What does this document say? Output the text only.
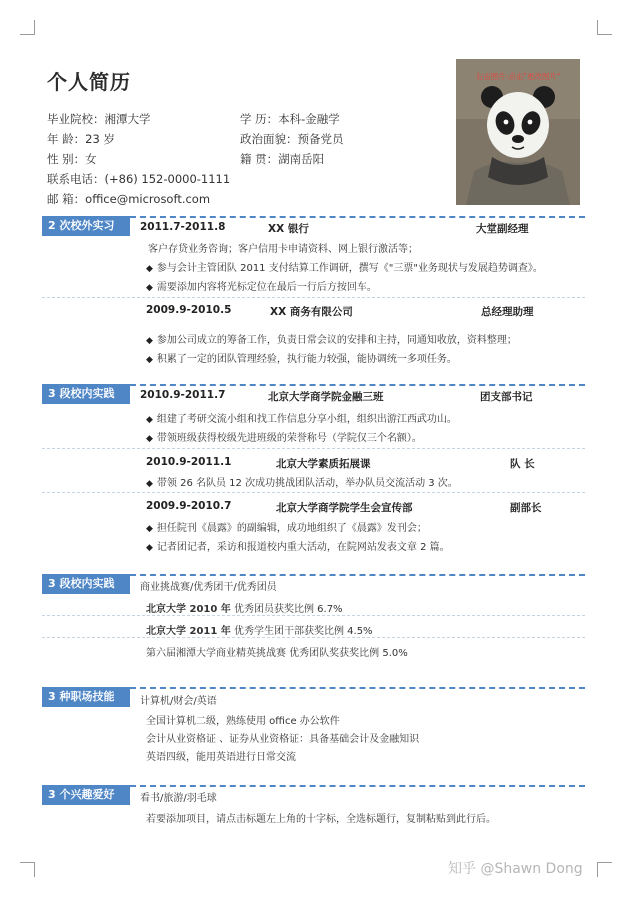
个人简历
毕业院校：湘潭大学
年 龄：23 岁
性 别：女
联系电话：(+86) 152-0000-1111
邮 箱：office@microsoft.com
学 历：本科-金融学
政治面貌：预备党员
籍 贯：湖南岳阳
右击图片-点击"更改图片"
2 次校外实习	2011.7-2011.8	XX 银行	大堂副经理
客户存贷业务咨询；客户信用卡申请资料、网上银行激活等；
◆ 参与会计主管团队 2011 支付结算工作调研，撰写《"三票"业务现状与发展趋势调查》。
◆ 需要添加内容将光标定位在最后一行后方按回车。
2009.9-2010.5	XX 商务有限公司	总经理助理
◆ 参加公司成立的筹备工作，负责日常会议的安排和主持，同通知收放，资料整理；
◆ 积累了一定的团队管理经验，执行能力较强，能协调统一多项任务。
3 段校内实践	2010.9-2011.7	北京大学商学院金融三班	团支部书记
◆ 组建了考研交流小组和找工作信息分享小组，组织出游江西武功山。
◆ 带领班级获得校级先进班级的荣誉称号（学院仅三个名额）。
2010.9-2011.1	北京大学素质拓展课	队 长
◆ 带领 26 名队员 12 次成功挑战团队活动，举办队员交流活动 3 次。
2009.9-2010.7	北京大学商学院学生会宣传部	副部长
◆ 担任院刊《晨露》的副编辑，成功地组织了《晨露》发刊会；
◆ 记者团记者，采访和报道校内重大活动，在院网站发表文章 2 篇。
3 段校内实践	商业挑战赛/优秀团干/优秀团员
北京大学 2010 年 优秀团员获奖比例 6.7%
北京大学 2011 年 优秀学生团干部获奖比例 4.5%
第六届湘潭大学商业精英挑战赛 优秀团队奖获奖比例 5.0%
3 种职场技能	计算机/财会/英语
全国计算机二级，熟练使用 office 办公软件
会计从业资格证 、证券从业资格证：具备基础会计及金融知识
英语四级，能用英语进行日常交流
3 个兴趣爱好	看书/旅游/羽毛球
若要添加项目，请点击标题左上角的十字标，全选标题行，复制粘贴到此行后。
知乎 @Shawn Dong
